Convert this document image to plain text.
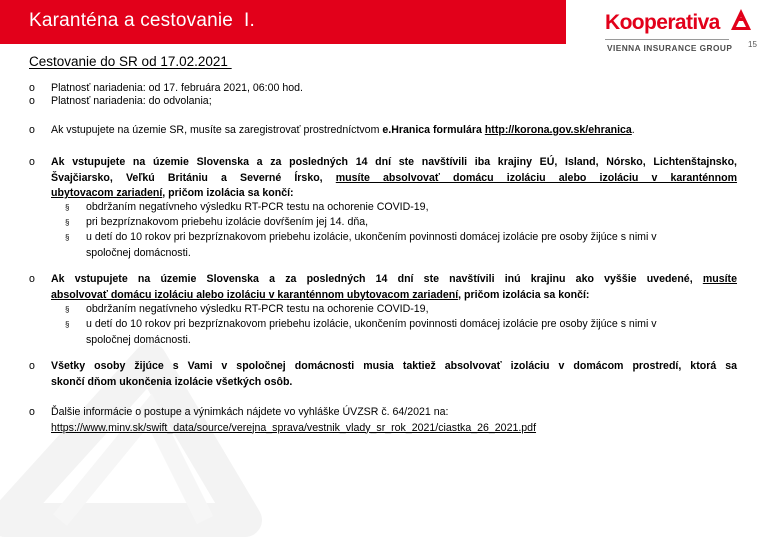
Karanténa a cestovanie  I.	Kooperativa
VIENNA INSURANCE GROUP 15
Cestovanie do SR od 17.02.2021
o Platnosť nariadenia: od 17. februára 2021, 06:00 hod.
o Platnosť nariadenia: do odvolania;
o Ak vstupujete na územie SR, musíte sa zaregistrovať prostredníctvom e.Hranica formulára http://korona.gov.sk/ehranica.
o Ak vstupujete na územie Slovenska a za posledných 14 dní ste navštívili iba krajiny EÚ, Island, Nórsko, Lichtenštajnsko,
Švajčiarsko, Veľkú Britániu a Severné Írsko, musíte absolvovať domácu izoláciu alebo izoláciu v karanténnom
ubytovacom zariadení, pričom izolácia sa končí:
§ obdržaním negatívneho výsledku RT-PCR testu na ochorenie COVID-19,
§ pri bezpríznakovom priebehu izolácie dovŕšením jej 14. dňa,
§ u detí do 10 rokov pri bezpríznakovom priebehu izolácie, ukončením povinnosti domácej izolácie pre osoby žijúce s nimi v
spoločnej domácnosti.
o Ak vstupujete na územie Slovenska a za posledných 14 dní ste navštívili inú krajinu ako vyššie uvedené, musíte
absolvovať domácu izoláciu alebo izoláciu v karanténnom ubytovacom zariadení, pričom izolácia sa končí:
§ obdržaním negatívneho výsledku RT-PCR testu na ochorenie COVID-19,
§ u detí do 10 rokov pri bezpríznakovom priebehu izolácie, ukončením povinnosti domácej izolácie pre osoby žijúce s nimi v
spoločnej domácnosti.
o Všetky osoby žijúce s Vami v spoločnej domácnosti musia taktiež absolvovať izoláciu v domácom prostredí, ktorá sa
skončí dňom ukončenia izolácie všetkých osôb.
o Ďalšie informácie o postupe a výnimkách nájdete vo vyhláške ÚVZSR č. 64/2021 na:
https://www.minv.sk/swift_data/source/verejna_sprava/vestnik_vlady_sr_rok_2021/ciastka_26_2021.pdf
